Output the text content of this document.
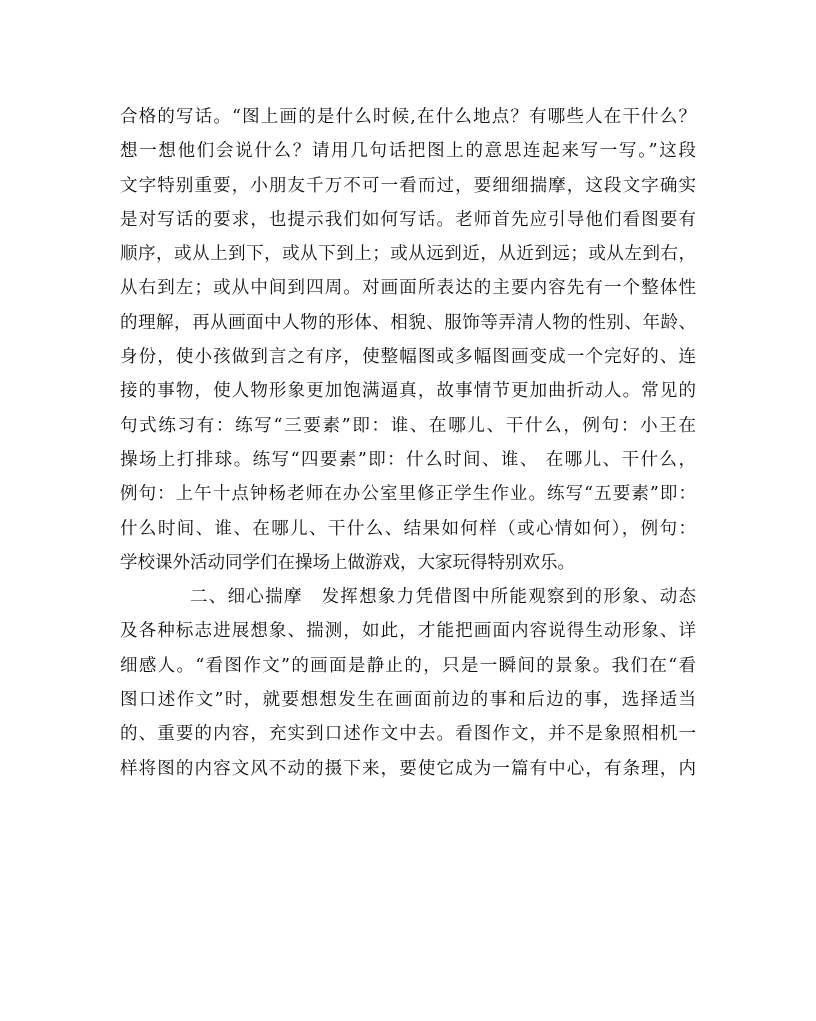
合格的写话。“图上画的是什么时候,在什么地点？有哪些人在干什么？
想一想他们会说什么？请用几句话把图上的意思连起来写一写。”这段
文字特别重要，小朋友千万不可一看而过，要细细揣摩，这段文字确实
是对写话的要求，也提示我们如何写话。老师首先应引导他们看图要有
顺序，或从上到下，或从下到上；或从远到近，从近到远；或从左到右，
从右到左；或从中间到四周。对画面所表达的主要内容先有一个整体性
的理解，再从画面中人物的形体、相貌、服饰等弄清人物的性别、年龄、
身份，使小孩做到言之有序，使整幅图或多幅图画变成一个完好的、连
接的事物，使人物形象更加饱满逼真，故事情节更加曲折动人。常见的
句式练习有：练写“三要素”即：谁、在哪儿、干什么，例句：小王在
操场上打排球。练写“四要素”即：什么时间、谁、 在哪儿、干什么，
例句：上午十点钟杨老师在办公室里修正学生作业。练写“五要素”即：
什么时间、谁、在哪儿、干什么、结果如何样（或心情如何），例句：
学校课外活动同学们在操场上做游戏，大家玩得特别欢乐。
二、细心揣摩　发挥想象力凭借图中所能观察到的形象、动态
及各种标志进展想象、揣测，如此，才能把画面内容说得生动形象、详
细感人。“看图作文”的画面是静止的，只是一瞬间的景象。我们在“看
图口述作文”时，就要想想发生在画面前边的事和后边的事，选择适当
的、重要的内容，充实到口述作文中去。看图作文，并不是象照相机一
样将图的内容文风不动的摄下来，要使它成为一篇有中心，有条理，内
